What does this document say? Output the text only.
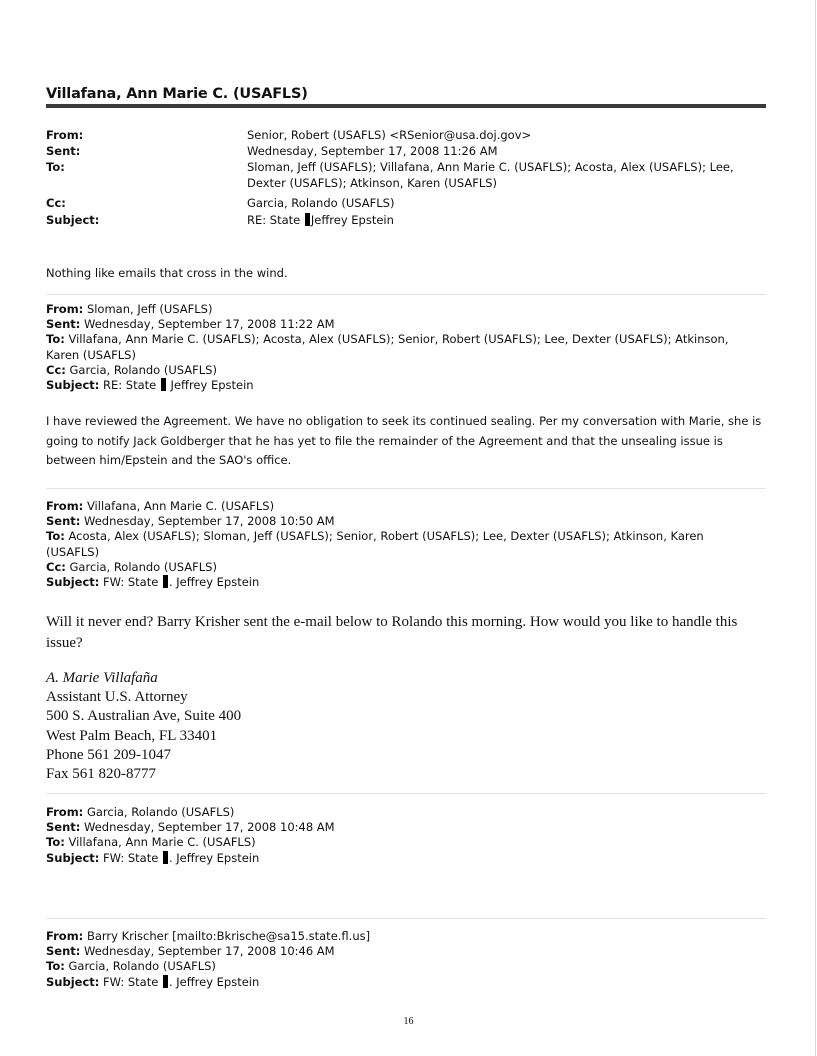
Villafana, Ann Marie C. (USAFLS)
From:	Senior, Robert (USAFLS) <RSenior@usa.doj.gov>
Sent:	Wednesday, September 17, 2008 11:26 AM
To:	Sloman, Jeff (USAFLS); Villafana, Ann Marie C. (USAFLS); Acosta, Alex (USAFLS); Lee,
Dexter (USAFLS); Atkinson, Karen (USAFLS)
Cc:	Garcia, Rolando (USAFLS)
Subject:	RE: State Jeffrey Epstein
Nothing like emails that cross in the wind.
From: Sloman, Jeff (USAFLS)
Sent: Wednesday, September 17, 2008 11:22 AM
To: Villafana, Ann Marie C. (USAFLS); Acosta, Alex (USAFLS); Senior, Robert (USAFLS); Lee, Dexter (USAFLS); Atkinson,
Karen (USAFLS)
Cc: Garcia, Rolando (USAFLS)
Subject: RE: State  Jeffrey Epstein
I have reviewed the Agreement. We have no obligation to seek its continued sealing. Per my conversation with Marie, she is going to notify Jack Goldberger that he has yet to file the remainder of the Agreement and that the unsealing issue is between him/Epstein and the SAO's office.
From: Villafana, Ann Marie C. (USAFLS)
Sent: Wednesday, September 17, 2008 10:50 AM
To: Acosta, Alex (USAFLS); Sloman, Jeff (USAFLS); Senior, Robert (USAFLS); Lee, Dexter (USAFLS); Atkinson, Karen
(USAFLS)
Cc: Garcia, Rolando (USAFLS)
Subject: FW: State . Jeffrey Epstein
Will it never end? Barry Krisher sent the e-mail below to Rolando this morning. How would you like to handle this issue?
A. Marie Villafaña
Assistant U.S. Attorney
500 S. Australian Ave, Suite 400
West Palm Beach, FL 33401
Phone 561 209-1047
Fax 561 820-8777
From: Garcia, Rolando (USAFLS)
Sent: Wednesday, September 17, 2008 10:48 AM
To: Villafana, Ann Marie C. (USAFLS)
Subject: FW: State . Jeffrey Epstein
From: Barry Krischer [mailto:Bkrische@sa15.state.fl.us]
Sent: Wednesday, September 17, 2008 10:46 AM
To: Garcia, Rolando (USAFLS)
Subject: FW: State . Jeffrey Epstein
16
